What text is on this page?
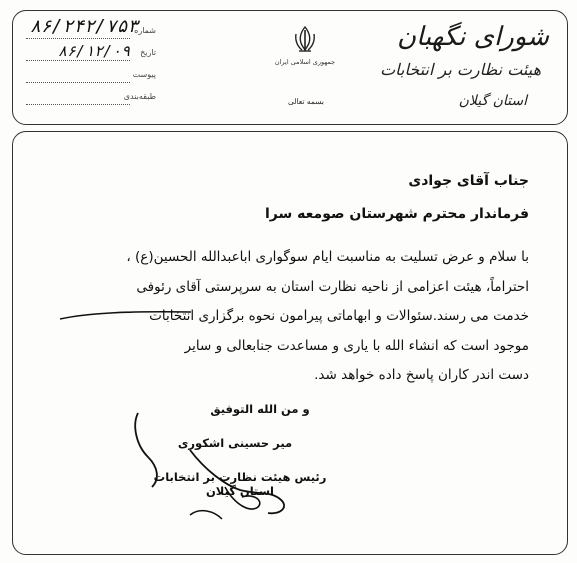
شورای نگهبان
هیئت نظارت بر انتخابات
استان گیلان
جمهوری اسلامی ایران
بسمه تعالی
شماره
۸۶/۲۴۲/۷۵۳
تاریخ
۸۶/۱۲/۰۹
پیوست
طبقه‌بندی
جناب آقای جوادی
فرماندار محترم شهرستان صومعه سرا
با سلام و عرض تسلیت به مناسبت ایام سوگواری اباعبدالله الحسین(ع) ،
احتراماً، هیئت اعزامی از ناحیه نظارت استان به سرپرستی آقای رئوفی
خدمت می رسند.سئوالات و ابهاماتی پیرامون نحوه برگزاری انتخابات
موجود است که انشاء الله با یاری و مساعدت جنابعالی و سایر
دست اندر کاران پاسخ داده خواهد شد.
و من الله التوفیق
میر حسینی اشکوری
رئیس هیئت نظارت بر انتخابات استان گیلان
